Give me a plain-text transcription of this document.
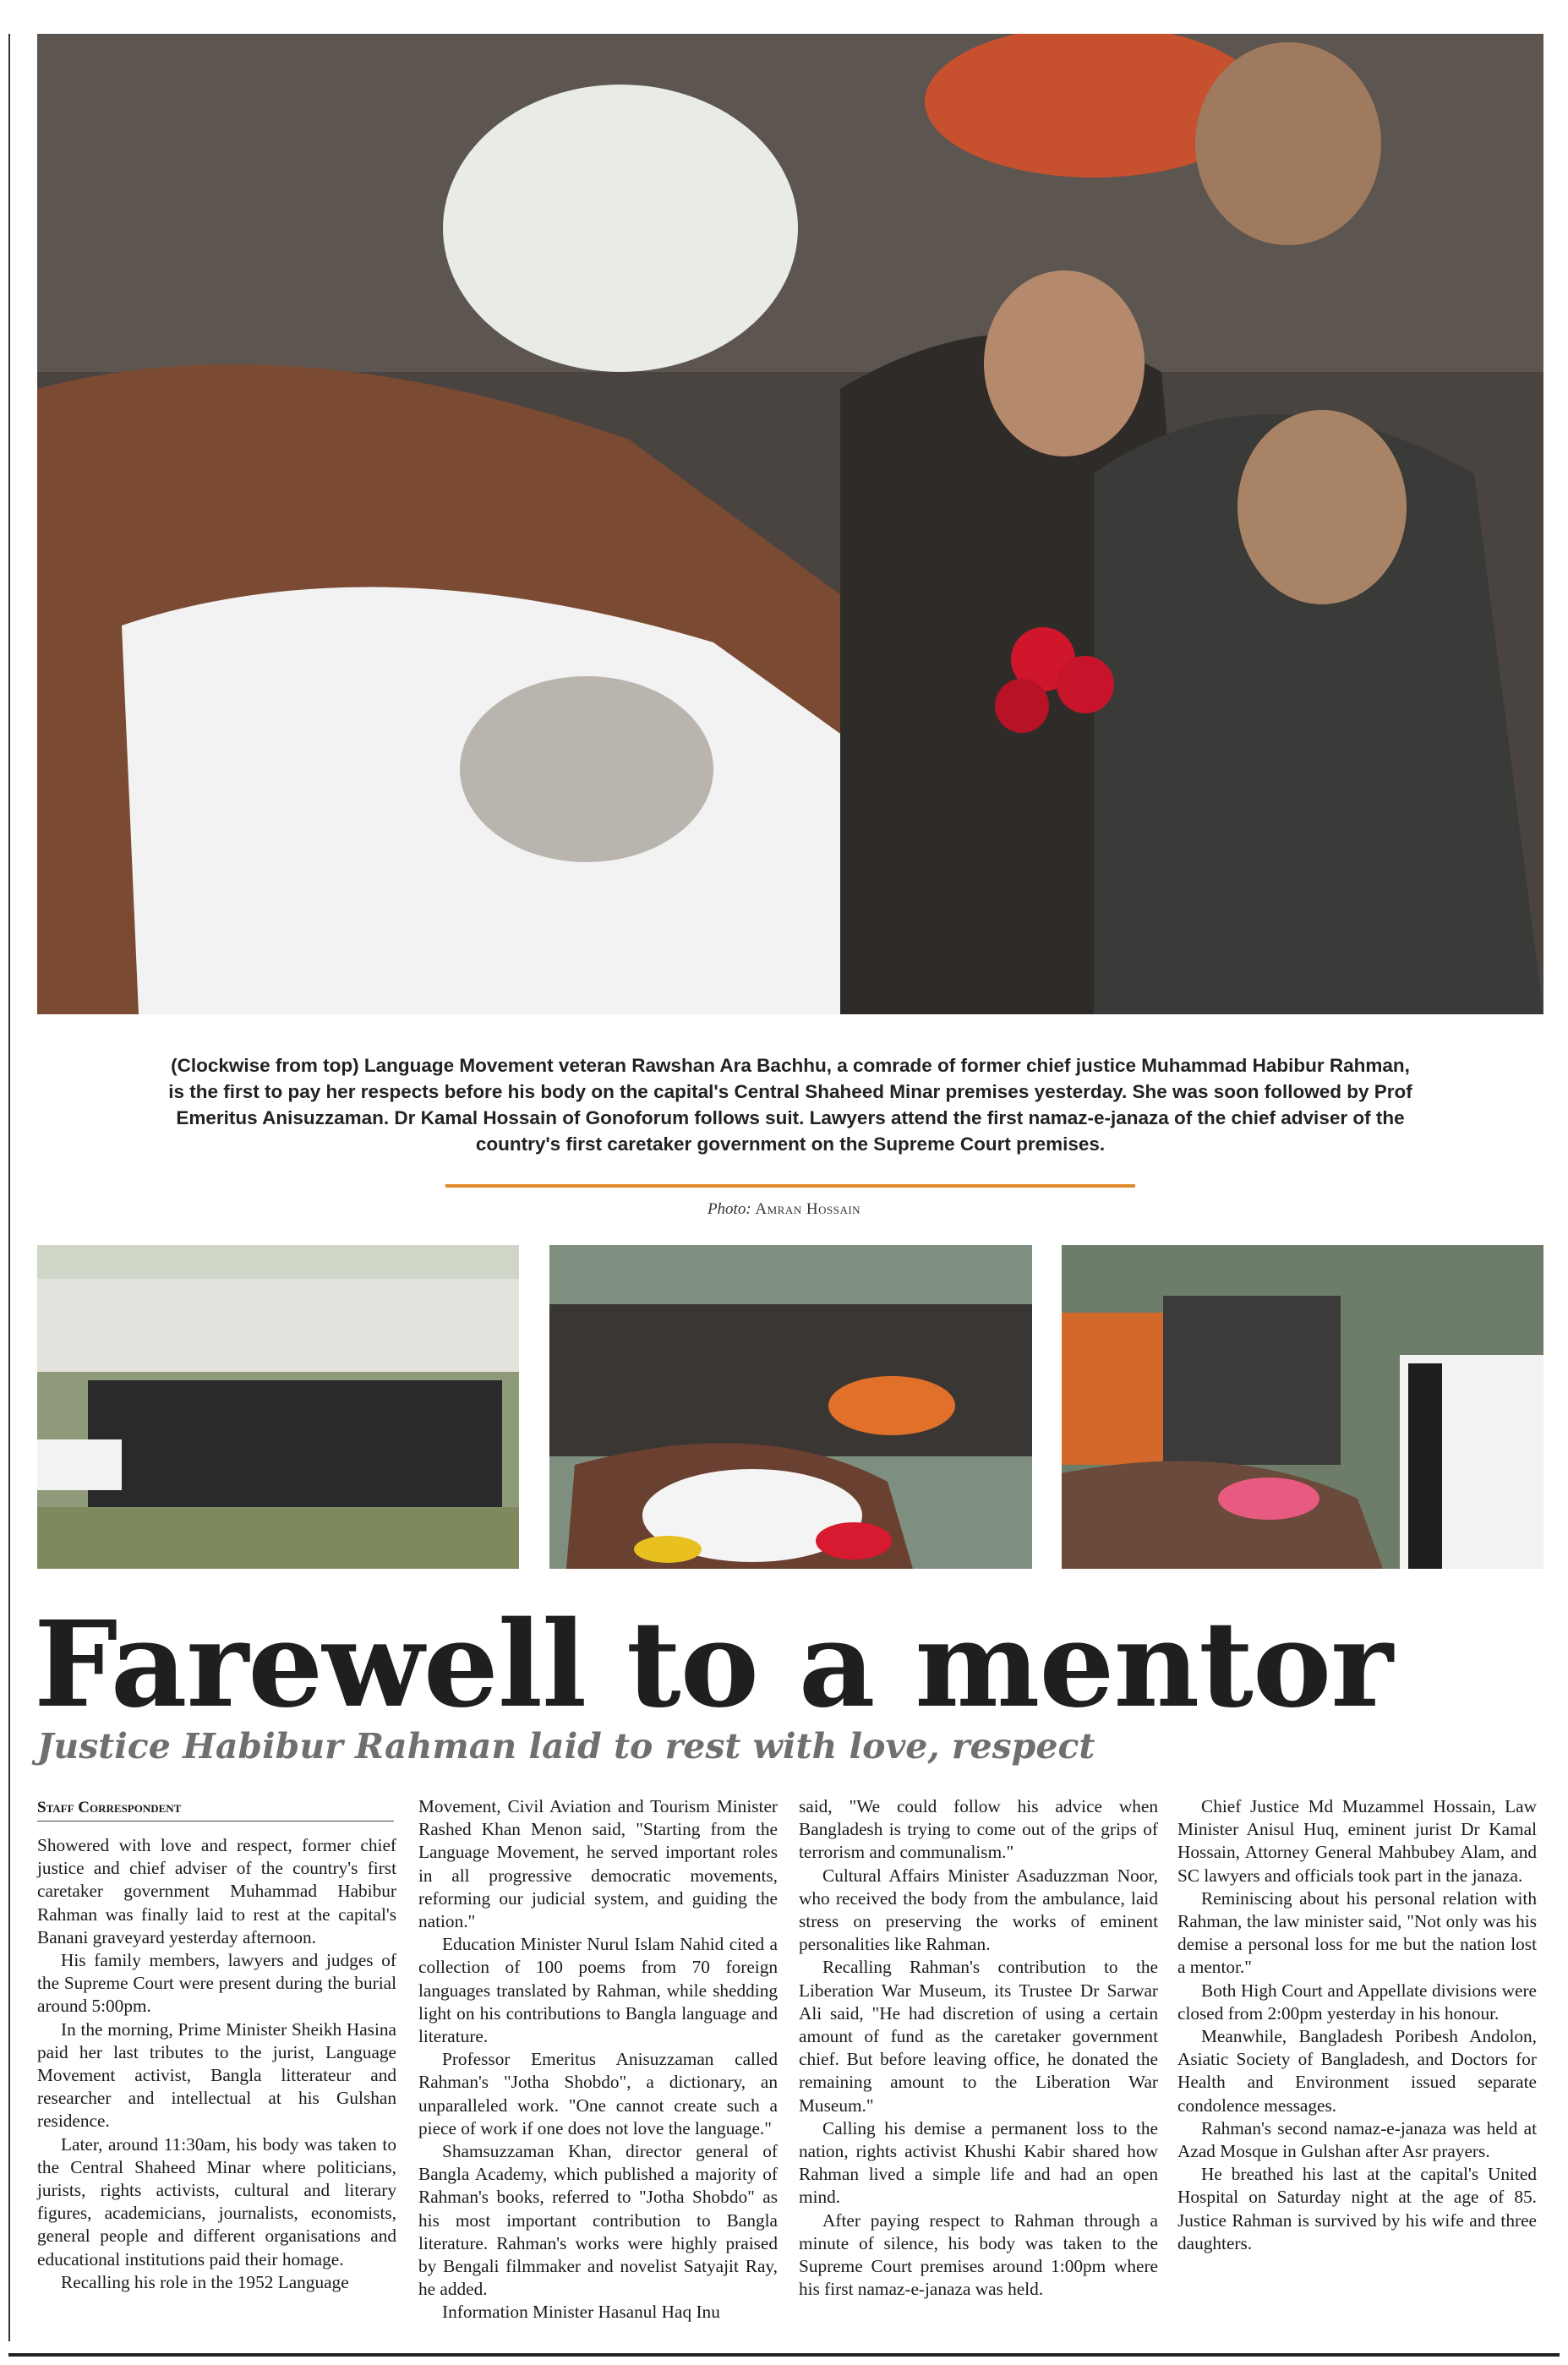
(Clockwise from top) Language Movement veteran Rawshan Ara Bachhu, a comrade of former chief justice Muhammad Habibur Rahman, is the first to pay her respects before his body on the capital's Central Shaheed Minar premises yesterday. She was soon followed by Prof Emeritus Anisuzzaman. Dr Kamal Hossain of Gonoforum follows suit. Lawyers attend the first namaz-e-janaza of the chief adviser of the country's first caretaker government on the Supreme Court premises.
Photo: Amran Hossain
Farewell to a mentor
Justice Habibur Rahman laid to rest with love, respect
Staff Correspondent

Showered with love and respect, former chief justice and chief adviser of the country's first caretaker government Muhammad Habibur Rahman was finally laid to rest at the capital's Banani graveyard yesterday afternoon.

His family members, lawyers and judges of the Supreme Court were present during the burial around 5:00pm.

In the morning, Prime Minister Sheikh Hasina paid her last tributes to the jurist, Language Movement activist, Bangla litterateur and researcher and intellectual at his Gulshan residence.

Later, around 11:30am, his body was taken to the Central Shaheed Minar where politicians, jurists, rights activists, cultural and literary figures, academicians, journalists, economists, general people and different organisations and educational institutions paid their homage.

Recalling his role in the 1952 Language

Movement, Civil Aviation and Tourism Minister Rashed Khan Menon said, "Starting from the Language Movement, he served important roles in all progressive democratic movements, reforming our judicial system, and guiding the nation."

Education Minister Nurul Islam Nahid cited a collection of 100 poems from 70 foreign languages translated by Rahman, while shedding light on his contributions to Bangla language and literature.

Professor Emeritus Anisuzzaman called Rahman's "Jotha Shobdo", a dictionary, an unparalleled work. "One cannot create such a piece of work if one does not love the language."

Shamsuzzaman Khan, director general of Bangla Academy, which published a majority of Rahman's books, referred to "Jotha Shobdo" as his most important contribution to Bangla literature. Rahman's works were highly praised by Bengali filmmaker and novelist Satyajit Ray, he added.

Information Minister Hasanul Haq Inu

said, "We could follow his advice when Bangladesh is trying to come out of the grips of terrorism and communalism."

Cultural Affairs Minister Asaduzzman Noor, who received the body from the ambulance, laid stress on preserving the works of eminent personalities like Rahman.

Recalling Rahman's contribution to the Liberation War Museum, its Trustee Dr Sarwar Ali said, "He had discretion of using a certain amount of fund as the caretaker government chief. But before leaving office, he donated the remaining amount to the Liberation War Museum."

Calling his demise a permanent loss to the nation, rights activist Khushi Kabir shared how Rahman lived a simple life and had an open mind.

After paying respect to Rahman through a minute of silence, his body was taken to the Supreme Court premises around 1:00pm where his first namaz-e-janaza was held.

Chief Justice Md Muzammel Hossain, Law Minister Anisul Huq, eminent jurist Dr Kamal Hossain, Attorney General Mahbubey Alam, and SC lawyers and officials took part in the janaza.

Reminiscing about his personal relation with Rahman, the law minister said, "Not only was his demise a personal loss for me but the nation lost a mentor."

Both High Court and Appellate divisions were closed from 2:00pm yesterday in his honour.

Meanwhile, Bangladesh Poribesh Andolon, Asiatic Society of Bangladesh, and Doctors for Health and Environment issued separate condolence messages.

Rahman's second namaz-e-janaza was held at Azad Mosque in Gulshan after Asr prayers.

He breathed his last at the capital's United Hospital on Saturday night at the age of 85. Justice Rahman is survived by his wife and three daughters.
